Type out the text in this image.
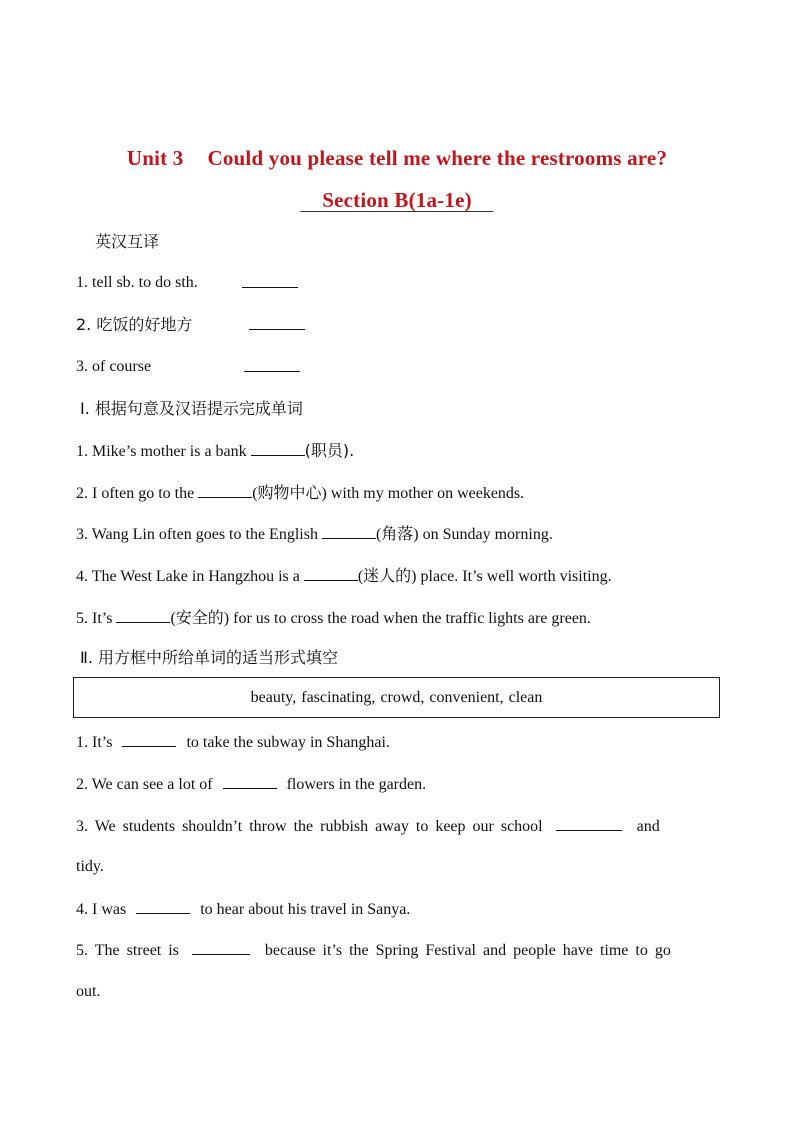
Unit 3 Could you please tell me where the restrooms are?
Section B(1a-1e)
英汉互译
1. tell sb. to do sth.
2. 吃饭的好地方
3. of course
Ⅰ. 根据句意及汉语提示完成单词
1. Mike’s mother is a bank	(职员).
2. I often go to the	(购物中心) with my mother on weekends.
3. Wang Lin often goes to the English	(角落) on Sunday morning.
4. The West Lake in Hangzhou is a	(迷人的) place. It’s well worth visiting.
5. It’s	(安全的) for us to cross the road when the traffic lights are green.
Ⅱ. 用方框中所给单词的适当形式填空
beauty, fascinating, crowd, convenient, clean
1. It’s	to take the subway in Shanghai.
2. We can see a lot of	flowers in the garden.
3. We students shouldn’t throw the rubbish away to keep our school	and
tidy.
4. I was	to hear about his travel in Sanya.
5. The street is	because it’s the Spring Festival and people have time to go
out.
